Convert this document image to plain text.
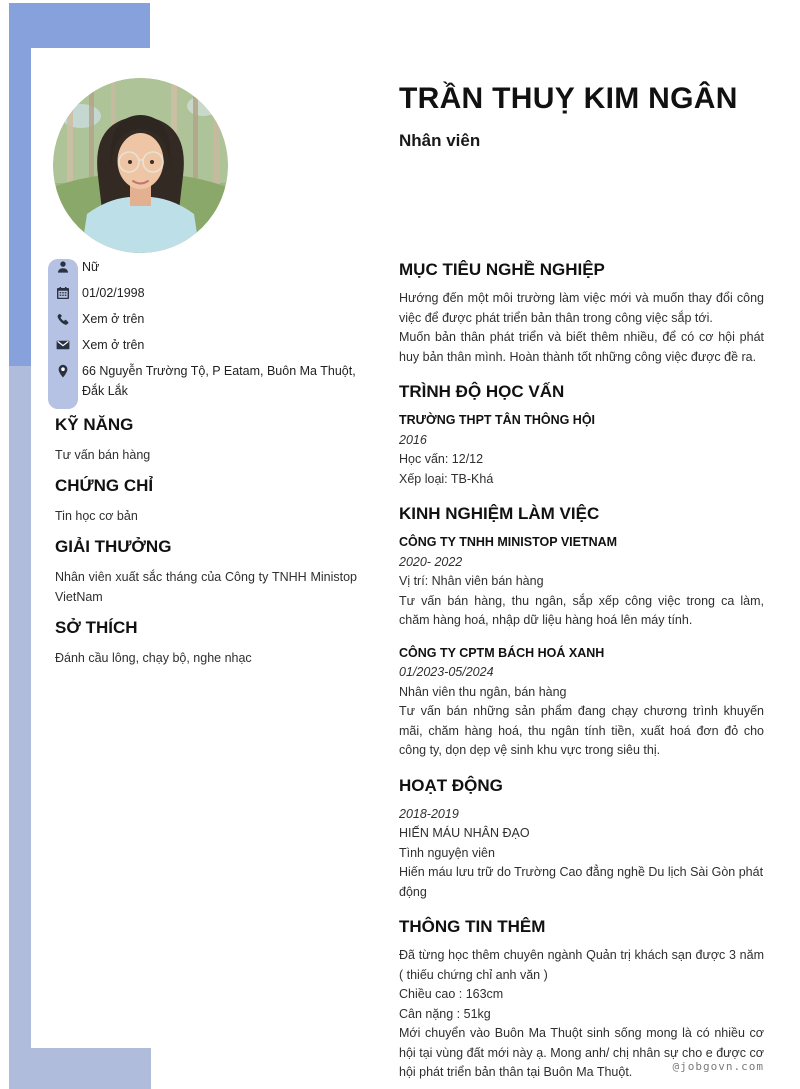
TRẦN THUỴ KIM NGÂN
Nhân viên
Nữ
01/02/1998
Xem ở trên
Xem ở trên
66 Nguyễn Trường Tộ, P Eatam, Buôn Ma Thuột, Đắk Lắk
KỸ NĂNG

Tư vấn bán hàng

CHỨNG CHỈ

Tin học cơ bản

GIẢI THƯỞNG

Nhân viên xuất sắc tháng của Công ty TNHH Ministop VietNam

SỞ THÍCH

Đánh cầu lông, chạy bộ, nghe nhạc

MỤC TIÊU NGHỀ NGHIỆP

Hướng đến một môi trường làm việc mới và muốn thay đổi công việc để được phát triển bản thân trong công việc sắp tới.

Muốn bản thân phát triển và biết thêm nhiều, để có cơ hội phát huy bản thân mình. Hoàn thành tốt những công việc được đề ra.

TRÌNH ĐỘ HỌC VẤN

TRƯỜNG THPT TÂN THÔNG HỘI

2016

Học vấn: 12/12

Xếp loại: TB-Khá

KINH NGHIỆM LÀM VIỆC

CÔNG TY TNHH MINISTOP VIETNAM

2020- 2022

Vị trí: Nhân viên bán hàng

Tư vấn bán hàng, thu ngân, sắp xếp công việc trong ca làm, chăm hàng hoá, nhập dữ liệu hàng hoá lên máy tính.

CÔNG TY CPTM BÁCH HOÁ XANH

01/2023-05/2024

Nhân viên thu ngân, bán hàng

Tư vấn bán những sản phẩm đang chạy chương trình khuyến mãi, chăm hàng hoá, thu ngân tính tiền, xuất hoá đơn đỏ cho công ty, dọn dẹp vệ sinh khu vực trong siêu thị.

HOẠT ĐỘNG

2018-2019

HIẾN MÁU NHÂN ĐẠO

Tình nguyện viên

Hiến máu lưu trữ do Trường Cao đẳng nghề Du lịch Sài Gòn phát động

THÔNG TIN THÊM

Đã từng học thêm chuyên ngành Quản trị khách sạn được 3 năm ( thiếu chứng chỉ anh văn )

Chiều cao : 163cm

Cân nặng : 51kg

Mới chuyển vào Buôn Ma Thuột sinh sống mong là có nhiều cơ hội tại vùng đất mới này ạ. Mong anh/ chị nhân sự cho e được cơ hội phát triển bản thân tại Buôn Ma Thuột.	@jobgovn.com
